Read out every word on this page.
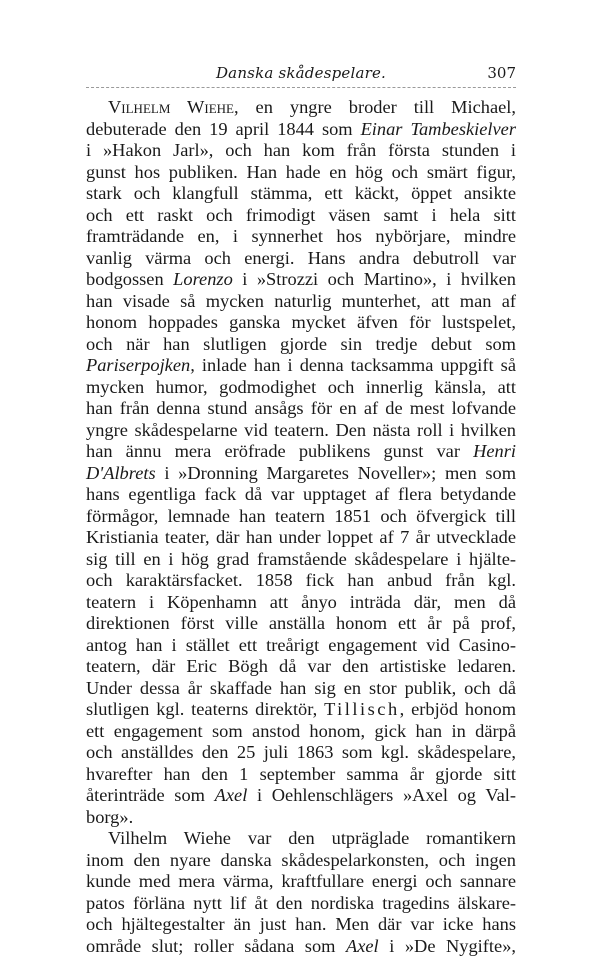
Danska skådespelare.	307
Vilhelm Wiehe, en yngre broder till Michael,
debuterade den 19 april 1844 som Einar Tambeskielver
i »Hakon Jarl», och han kom från första stunden i
gunst hos publiken. Han hade en hög och smärt figur,
stark och klangfull stämma, ett käckt, öppet ansikte
och ett raskt och frimodigt väsen samt i hela sitt
framträdande en, i synnerhet hos nybörjare, mindre
vanlig värma och energi. Hans andra debutroll var
bodgossen Lorenzo i »Strozzi och Martino», i hvilken
han visade så mycken naturlig munterhet, att man af
honom hoppades ganska mycket äfven för lustspelet,
och när han slutligen gjorde sin tredje debut som
Pariserpojken, inlade han i denna tacksamma uppgift så
mycken humor, godmodighet och innerlig känsla, att
han från denna stund ansågs för en af de mest lofvande
yngre skådespelarne vid teatern. Den nästa roll i hvilken
han ännu mera eröfrade publikens gunst var Henri
D'Albrets i »Dronning Margaretes Noveller»; men som
hans egentliga fack då var upptaget af flera betydande
förmågor, lemnade han teatern 1851 och öfvergick till
Kristiania teater, där han under loppet af 7 år utvecklade
sig till en i hög grad framstående skådespelare i hjälte-
och karaktärsfacket. 1858 fick han anbud från kgl.
teatern i Köpenhamn att ånyo inträda där, men då
direktionen först ville anställa honom ett år på prof,
antog han i stället ett treårigt engagement vid Casino-
teatern, där Eric Bögh då var den artistiske ledaren.
Under dessa år skaffade han sig en stor publik, och då
slutligen kgl. teaterns direktör, Tillisch, erbjöd honom
ett engagement som anstod honom, gick han in därpå
och anställdes den 25 juli 1863 som kgl. skådespelare,
hvarefter han den 1 september samma år gjorde sitt
återinträde som Axel i Oehlenschlägers »Axel og Val-
borg».
Vilhelm Wiehe var den utpräglade romantikern
inom den nyare danska skådespelarkonsten, och ingen
kunde med mera värma, kraftfullare energi och sannare
patos förläna nytt lif åt den nordiska tragedins älskare-
och hjältegestalter än just han. Men där var icke hans
område slut; roller sådana som Axel i »De Nygifte»,
